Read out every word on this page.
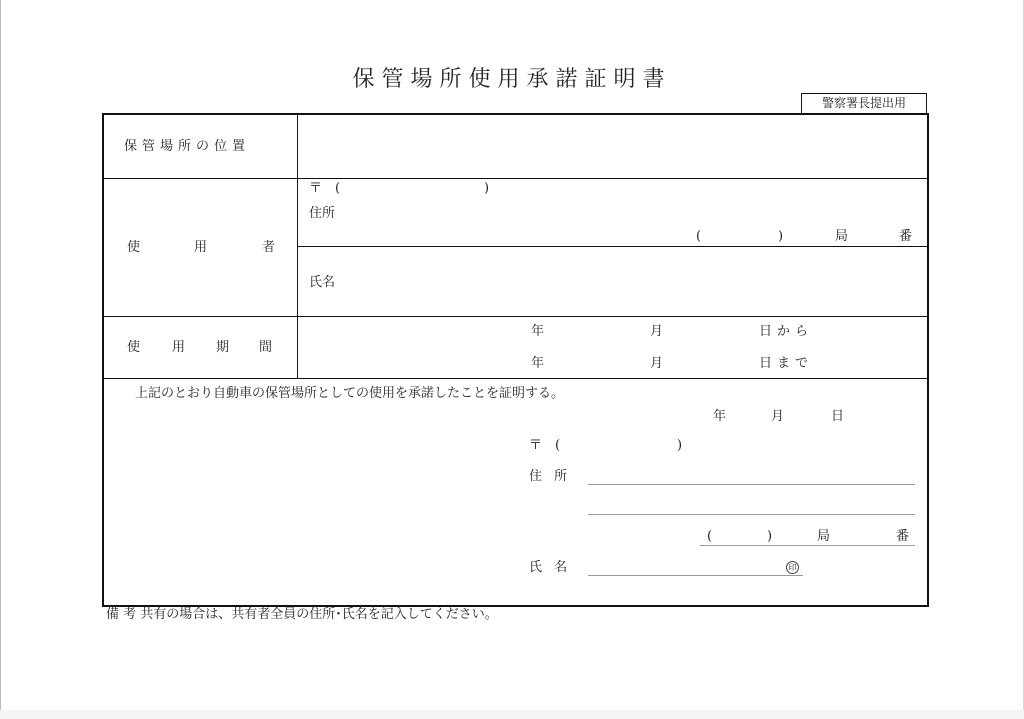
保管場所使用承諾証明書
警察署長提出用
保管場所の位置
使	用	者
〒 (	)
住所
(	)	局	番
氏名
使 用 期 間
年	月	日から
年	月	日まで
上記のとおり自動車の保管場所としての使用を承諾したことを証明する。
年	月	日
〒 (	)
住 所
(	)	局	番
氏 名	印
備 考 共有の場合は、共有者全員の住所･氏名を記入してください。
